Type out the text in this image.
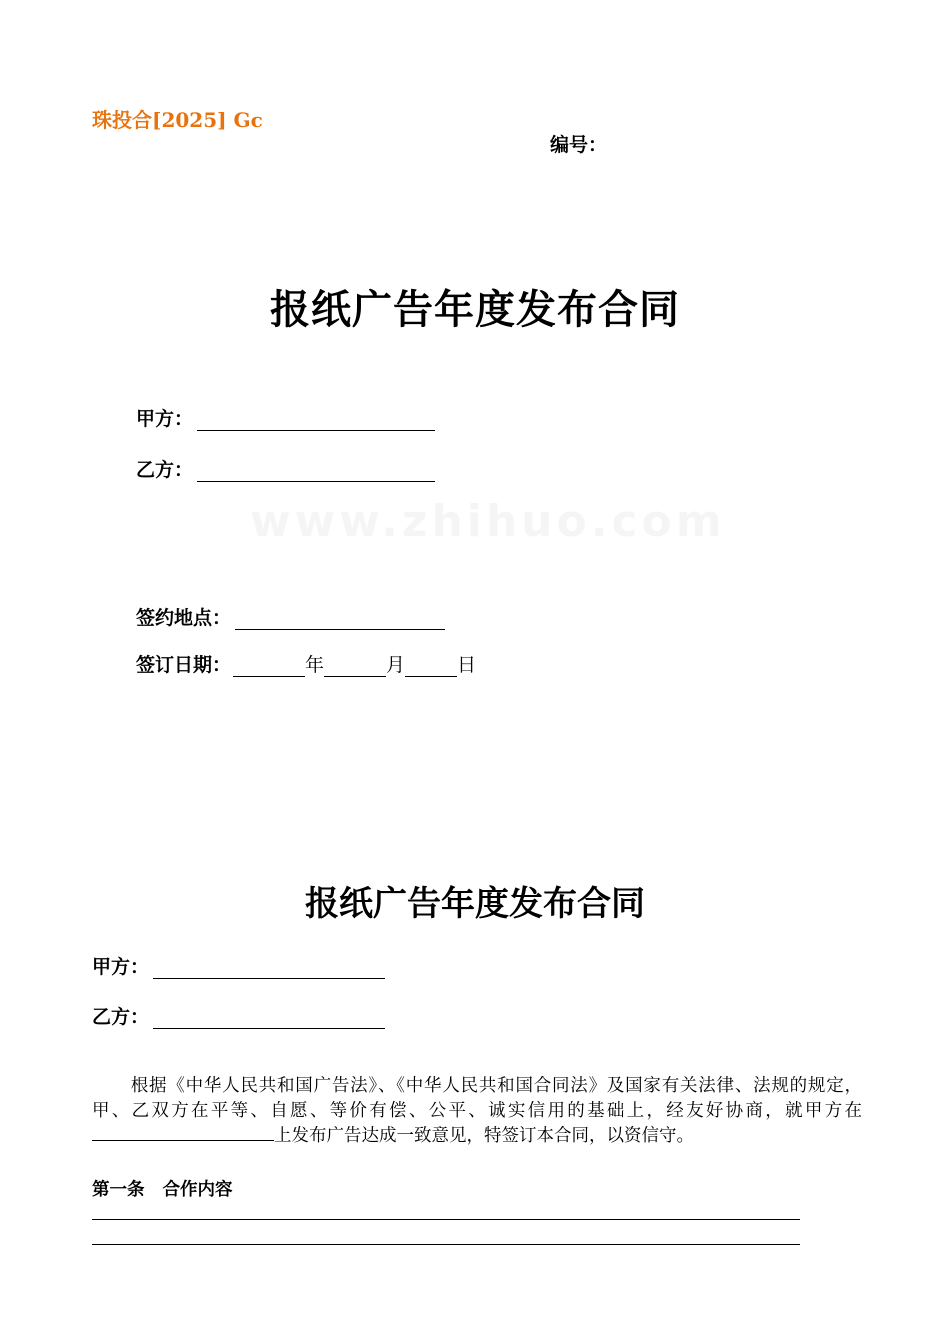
珠投合[2025] Gc
编号：
报纸广告年度发布合同
甲方：
乙方：
签约地点：
签订日期：	年	月	日
报纸广告年度发布合同
甲方：
乙方：
根据《中华人民共和国广告法》、《中华人民共和国合同法》及国家有关法律、法规的规定，甲、乙双方在平等、自愿、等价有偿、公平、诚实信用的基础上，经友好协商，就甲方在上发布广告达成一致意见，特签订本合同，以资信守。
第一条 合作内容
